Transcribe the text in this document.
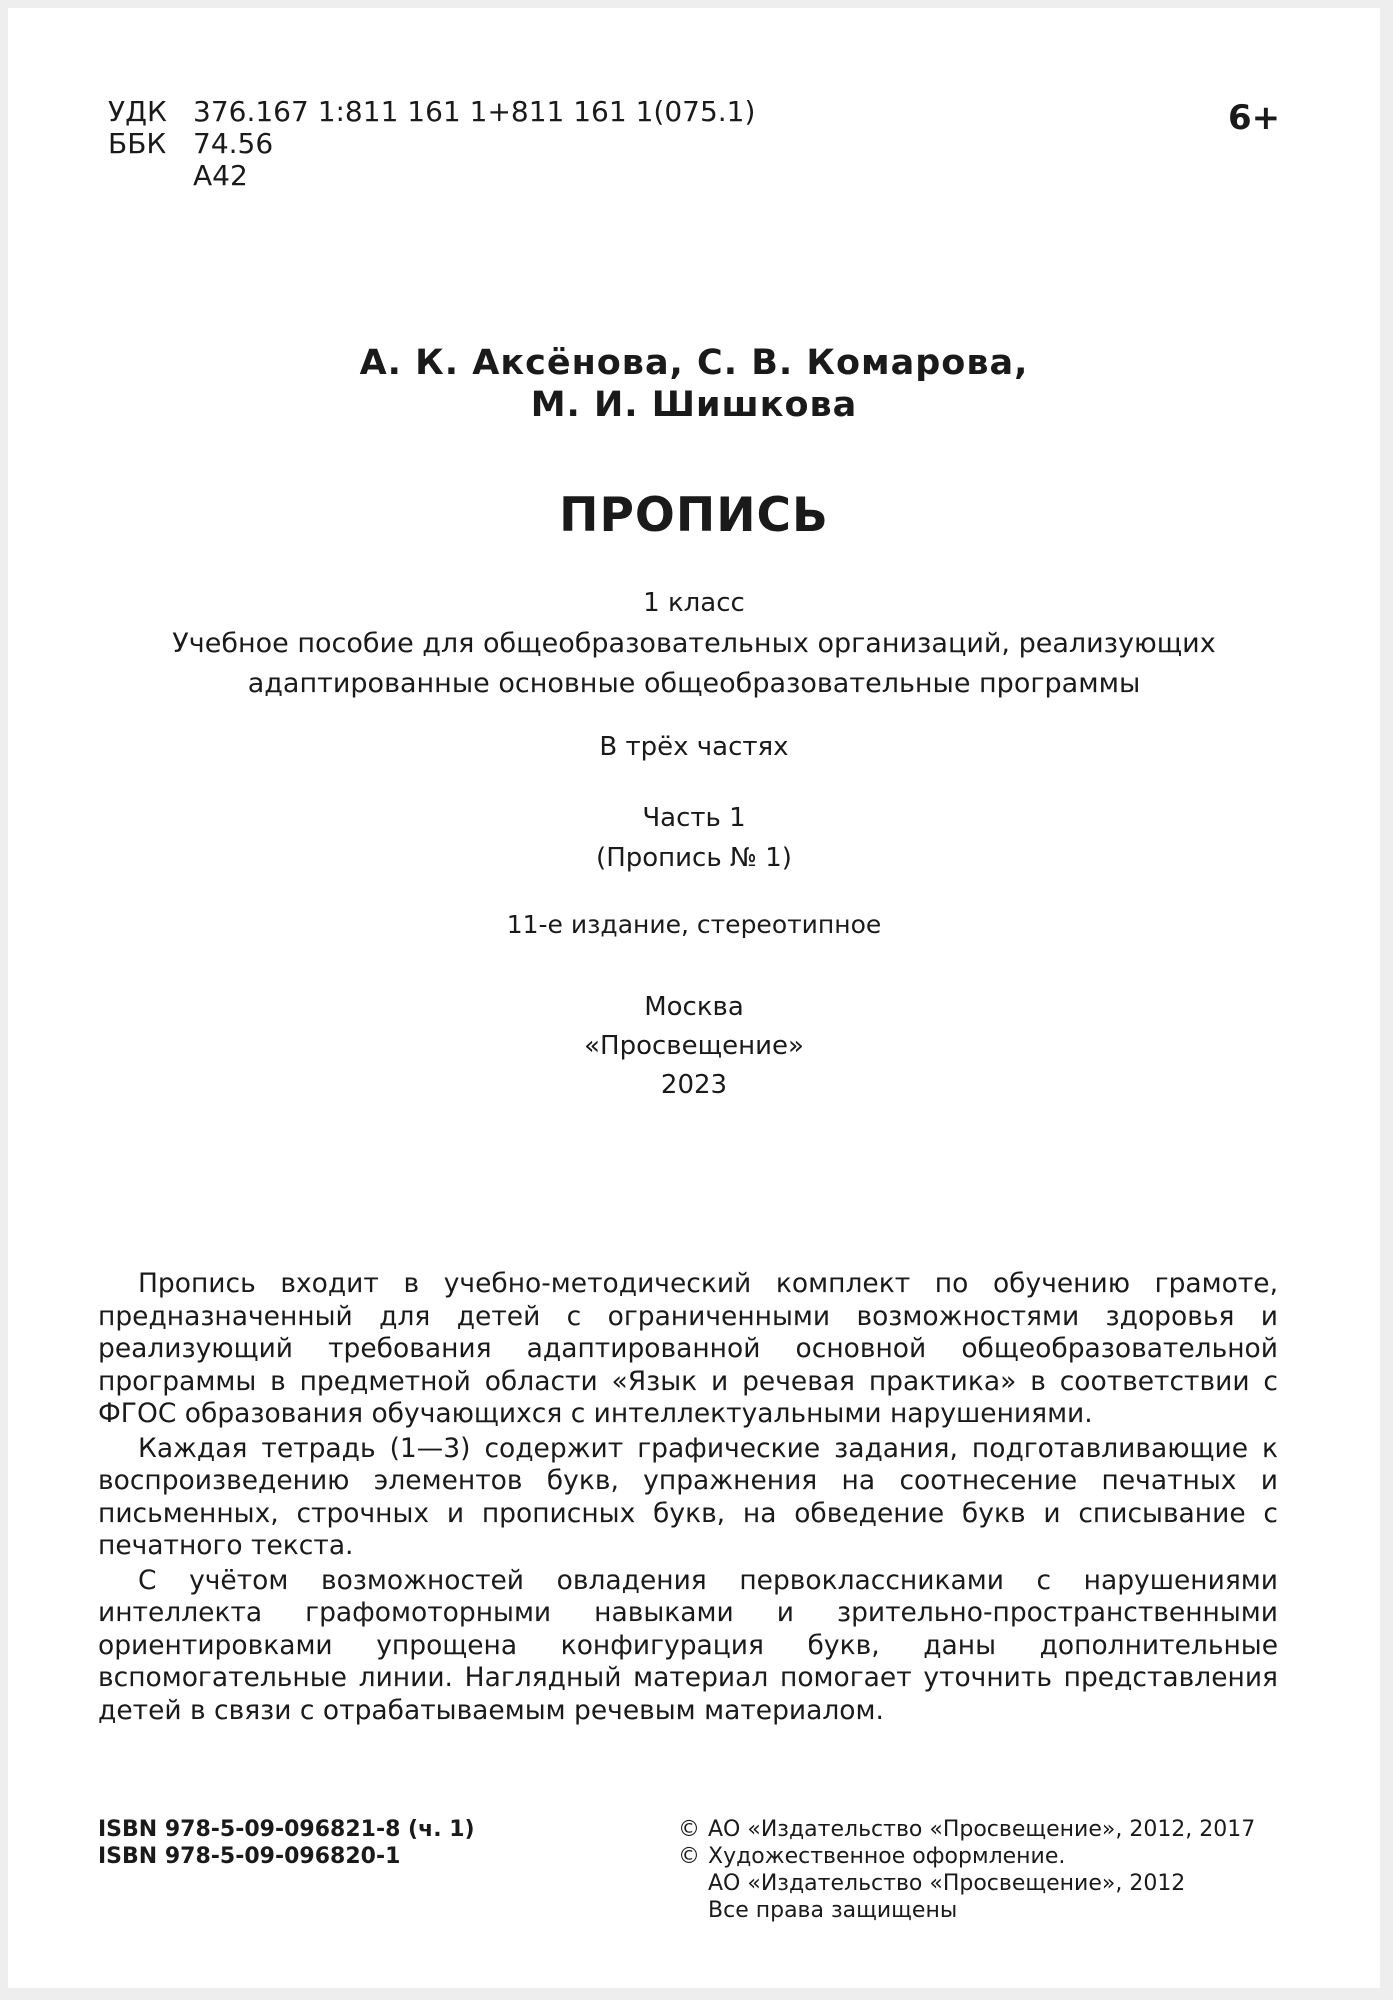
УДК 376.167 1:811 161 1+811 161 1(075.1)
ББК 74.56
А42
6+
А. К. Аксёнова, С. В. Комарова,
М. И. Шишкова
ПРОПИСЬ
1 класс
Учебное пособие для общеобразовательных организаций, реализующих
адаптированные основные общеобразовательные программы
В трёх частях
Часть 1
(Пропись № 1)
11-е издание, стереотипное
Москва
«Просвещение»
2023

Пропись входит в учебно-методический комплект по обучению грамоте, предназначенный для детей с ограниченными возможностями здоровья и реализующий требования адаптированной основной общеобразовательной программы в предметной области «Язык и речевая практика» в соответствии с ФГОС образования обучающихся с интеллектуальными нарушениями.

Каждая тетрадь (1—3) содержит графические задания, подготавливающие к воспроизведению элементов букв, упражнения на соотнесение печатных и письменных, строчных и прописных букв, на обведение букв и списывание с печатного текста.

С учётом возможностей овладения первоклассниками с нарушениями интеллекта графомоторными навыками и зрительно-пространственными ориентировками упрощена конфигурация букв, даны дополнительные вспомогательные линии. Наглядный материал помогает уточнить представления детей в связи с отрабатываемым речевым материалом.

ISBN 978-5-09-096821-8 (ч. 1)
ISBN 978-5-09-096820-1
© АО «Издательство «Просвещение», 2012, 2017
© Художественное оформление.
АО «Издательство «Просвещение», 2012
Все права защищены
